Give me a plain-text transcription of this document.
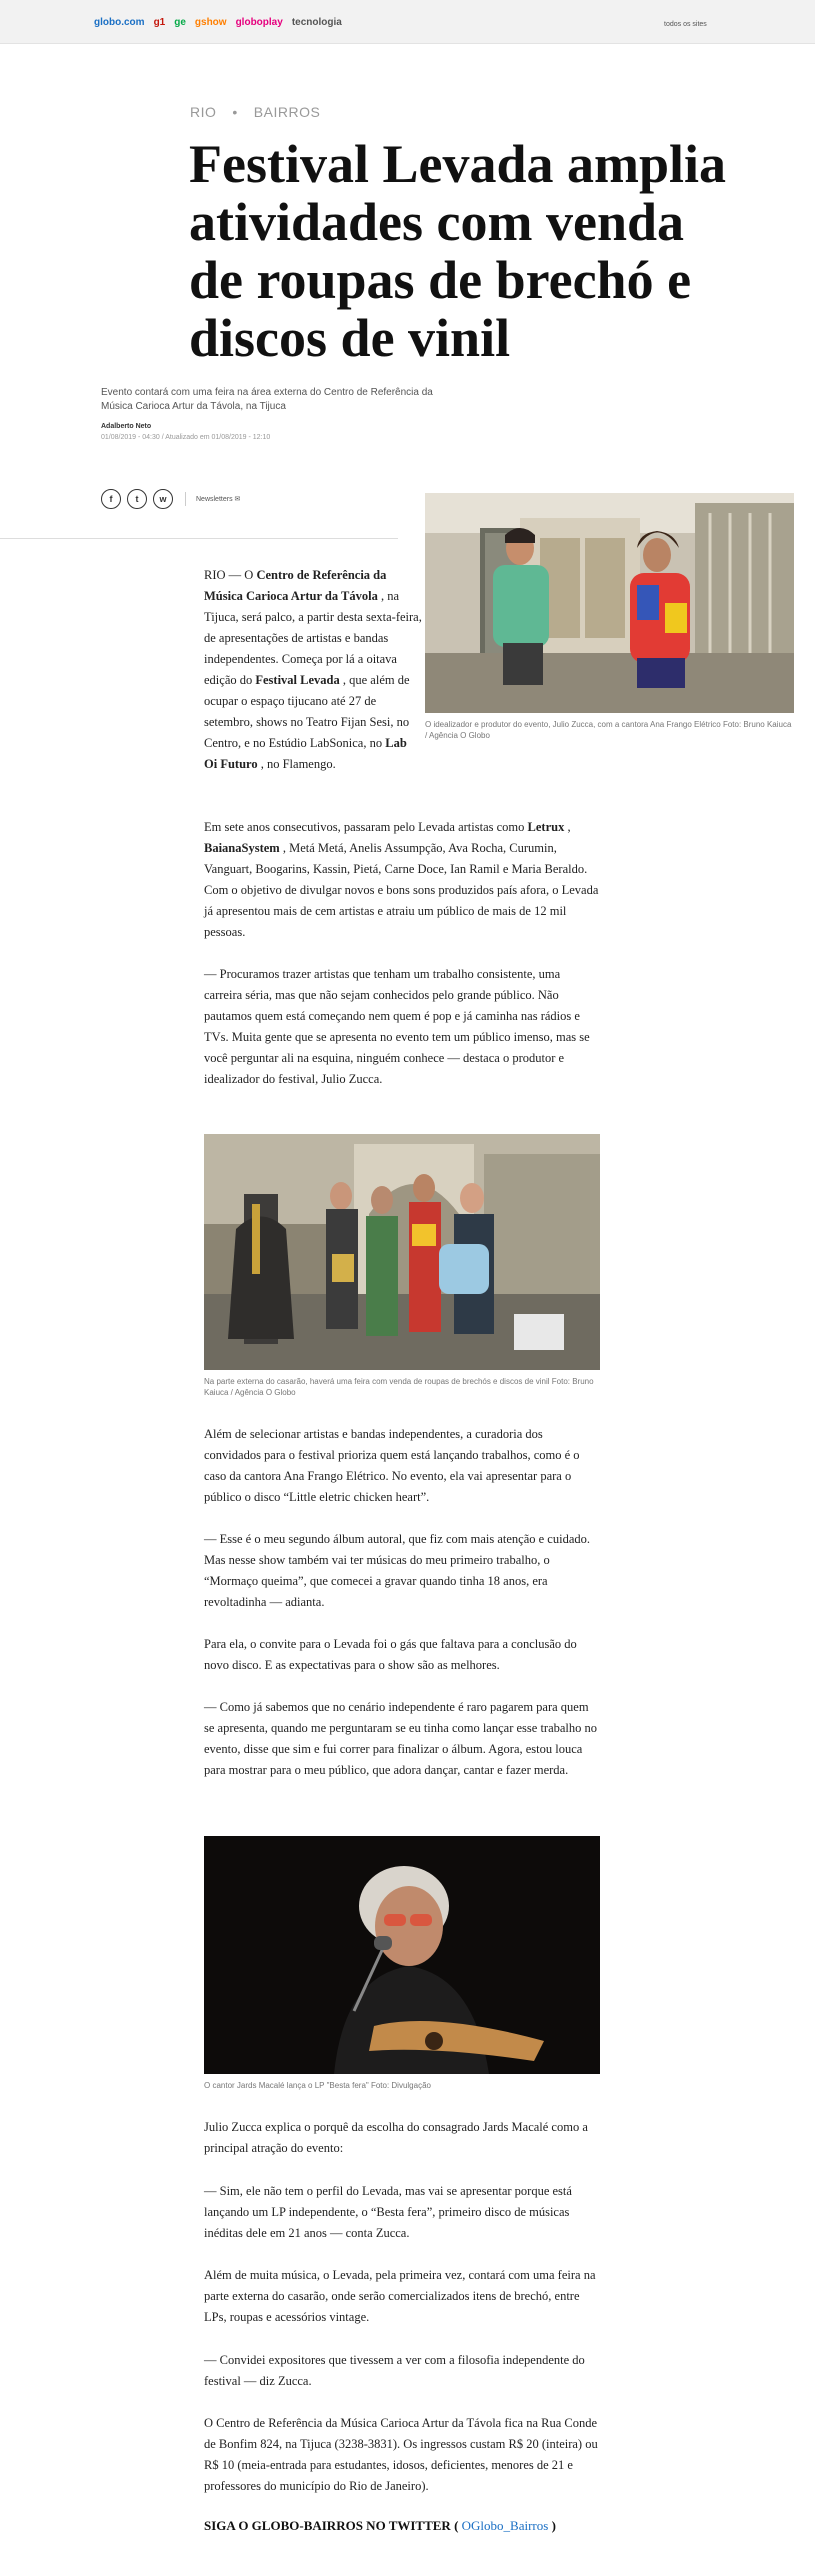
globo.com g1 ge gshow globoplay tecnologia	todos os sites
RIO • BAIRROS
Festival Levada amplia atividades com venda de roupas de brechó e discos de vinil
Evento contará com uma feira na área externa do Centro de Referência da Música Carioca Artur da Távola, na Tijuca
Adalberto Neto
01/08/2019 - 04:30 / Atualizado em 01/08/2019 - 12:10
f	t	w	Newsletters ✉
O idealizador e produtor do evento, Julio Zucca, com a cantora Ana Frango Elétrico Foto: Bruno Kaiuca / Agência O Globo
RIO — O Centro de Referência da Música Carioca Artur da Távola , na Tijuca, será palco, a partir desta sexta-feira, de apresentações de artistas e bandas independentes. Começa por lá a oitava edição do Festival Levada , que além de ocupar o espaço tijucano até 27 de setembro, shows no Teatro Fijan Sesi, no Centro, e no Estúdio LabSonica, no Lab Oi Futuro , no Flamengo.
Em sete anos consecutivos, passaram pelo Levada artistas como Letrux , BaianaSystem , Metá Metá, Anelis Assumpção, Ava Rocha, Curumin, Vanguart, Boogarins, Kassin, Pietá, Carne Doce, Ian Ramil e Maria Beraldo. Com o objetivo de divulgar novos e bons sons produzidos país afora, o Levada já apresentou mais de cem artistas e atraiu um público de mais de 12 mil pessoas.
— Procuramos trazer artistas que tenham um trabalho consistente, uma carreira séria, mas que não sejam conhecidos pelo grande público. Não pautamos quem está começando nem quem é pop e já caminha nas rádios e TVs. Muita gente que se apresenta no evento tem um público imenso, mas se você perguntar ali na esquina, ninguém conhece — destaca o produtor e idealizador do festival, Julio Zucca.
Na parte externa do casarão, haverá uma feira com venda de roupas de brechós e discos de vinil Foto: Bruno Kaiuca / Agência O Globo
Além de selecionar artistas e bandas independentes, a curadoria dos convidados para o festival prioriza quem está lançando trabalhos, como é o caso da cantora Ana Frango Elétrico. No evento, ela vai apresentar para o público o disco “Little eletric chicken heart”.
— Esse é o meu segundo álbum autoral, que fiz com mais atenção e cuidado. Mas nesse show também vai ter músicas do meu primeiro trabalho, o “Mormaço queima”, que comecei a gravar quando tinha 18 anos, era revoltadinha — adianta.
Para ela, o convite para o Levada foi o gás que faltava para a conclusão do novo disco. E as expectativas para o show são as melhores.
— Como já sabemos que no cenário independente é raro pagarem para quem se apresenta, quando me perguntaram se eu tinha como lançar esse trabalho no evento, disse que sim e fui correr para finalizar o álbum. Agora, estou louca para mostrar para o meu público, que adora dançar, cantar e fazer merda.
O cantor Jards Macalé lança o LP "Besta fera" Foto: Divulgação
Julio Zucca explica o porquê da escolha do consagrado Jards Macalé como a principal atração do evento:
— Sim, ele não tem o perfil do Levada, mas vai se apresentar porque está lançando um LP independente, o “Besta fera”, primeiro disco de músicas inéditas dele em 21 anos — conta Zucca.
Além de muita música, o Levada, pela primeira vez, contará com uma feira na parte externa do casarão, onde serão comercializados itens de brechó, entre LPs, roupas e acessórios vintage.
— Convidei expositores que tivessem a ver com a filosofia independente do festival — diz Zucca.
O Centro de Referência da Música Carioca Artur da Távola fica na Rua Conde de Bonfim 824, na Tijuca (3238-3831). Os ingressos custam R$ 20 (inteira) ou R$ 10 (meia-entrada para estudantes, idosos, deficientes, menores de 21 e professores do município do Rio de Janeiro).
SIGA O GLOBO-BAIRROS NO TWITTER ( OGlobo_Bairros )
